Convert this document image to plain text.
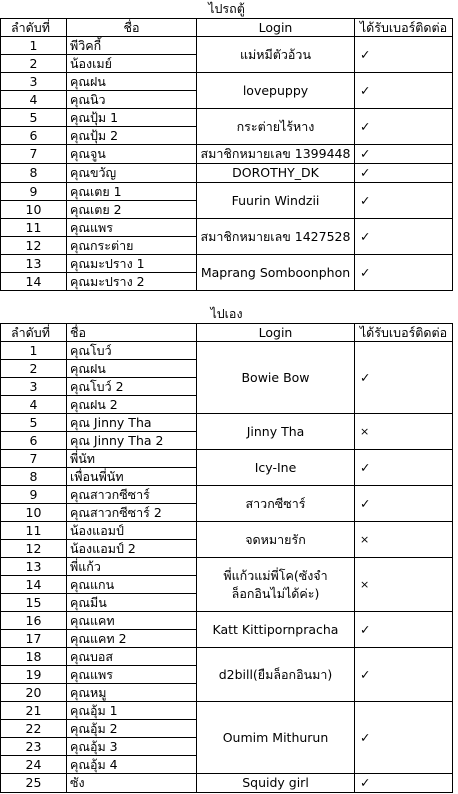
ไปรถตู้			
ลำดับที่	ชื่อ	Login	ได้รับเบอร์ติดต่อ
1	พีวิคกี้	แม่หมีตัวอ้วน	✓
2	น้องเมย์		
3	คุณฝน	lovepuppy	✓
4	คุณนิว		
5	คุณปุ้ม 1	กระต่ายไร้หาง	✓
6	คุณปุ้ม 2		
7	คุณจูน	สมาชิกหมายเลข 1399448	✓
8	คุณขวัญ	DOROTHY_DK	✓
9	คุณเตย 1	Fuurin Windzii	✓
10	คุณเตย 2		
11	คุณแพร	สมาชิกหมายเลข 1427528	✓
12	คุณกระต่าย		
13	คุณมะปราง 1	Maprang Somboonphon	✓
14	คุณมะปราง 2		
ไปเอง			
ลำดับที่	ชื่อ	Login	ได้รับเบอร์ติดต่อ
1	คุณโบว์	Bowie Bow	✓
2	คุณฝน		
3	คุณโบว์ 2		
4	คุณฝน 2		
5	คุณ Jinny Tha	Jinny Tha	×
6	คุณ Jinny Tha 2		
7	พี่นัท	Icy-Ine	✓
8	เพื่อนพี่นัท		
9	คุณสาวกซีซาร์	สาวกซีซาร์	✓
10	คุณสาวกซีซาร์ 2		
11	น้องแอมป์	จดหมายรัก	×
12	น้องแอมป์ 2		
13	พี่แก้ว	พี่แก้วแม่พี่โค(ซังจำล็อกอินไม่ได้ค่ะ)	×
14	คุณแกน		
15	คุณมีน		
16	คุณแคท	Katt Kittipornpracha	✓
17	คุณแคท 2		
18	คุณบอส	d2bill(ยืมล็อกอินมา)	✓
19	คุณแพร		
20	คุณหมู		
21	คุณอุ้ม 1	Oumim Mithurun	✓
22	คุณอุ้ม 2		
23	คุณอุ้ม 3		
24	คุณอุ้ม 4		
25	ซัง	Squidy girl	✓
